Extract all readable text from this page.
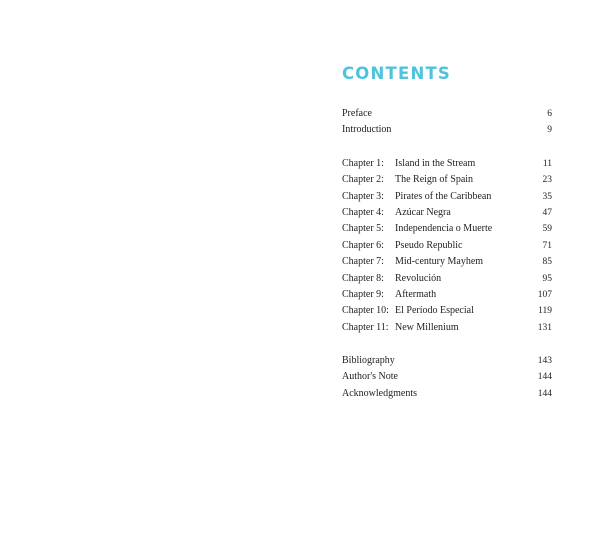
CONTENTS
Preface	6
Introduction	9
Chapter 1:	Island in the Stream	11
Chapter 2:	The Reign of Spain	23
Chapter 3:	Pirates of the Caribbean	35
Chapter 4:	Azúcar Negra	47
Chapter 5:	Independencia o Muerte	59
Chapter 6:	Pseudo Republic	71
Chapter 7:	Mid-century Mayhem	85
Chapter 8:	Revolución	95
Chapter 9:	Aftermath	107
Chapter 10: El Período Especial	119
Chapter 11: New Millenium	131
Bibliography	143
Author's Note	144
Acknowledgments	144
